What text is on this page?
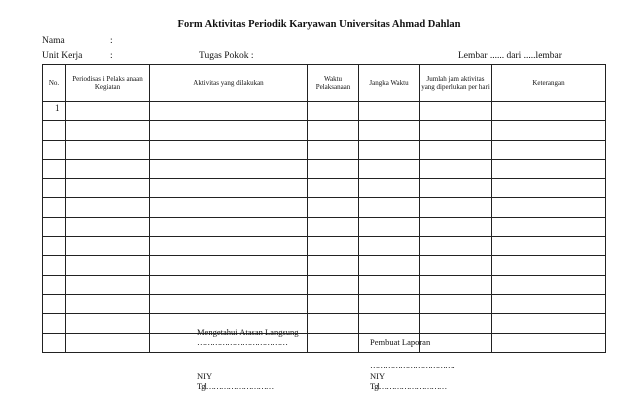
Form Aktivitas Periodik Karyawan Universitas Ahmad Dahlan
Nama	:
Unit Kerja	:	Tugas Pokok :	Lembar ...... dari .....lembar
No.	Periodisas i Pelaks anaan Kegiatan	Aktivitas yang dilakukan	Waktu Pelaksanaan	Jangka Waktu	Jumlah jam aktivitas yang diperlukan per hari	Keterangan
1						

Mengetahui Atasan Langsung
………………………………	Pembuat Laporan
…………………………….
NIY
Tgl………………………
NIY
Tgl………………………
